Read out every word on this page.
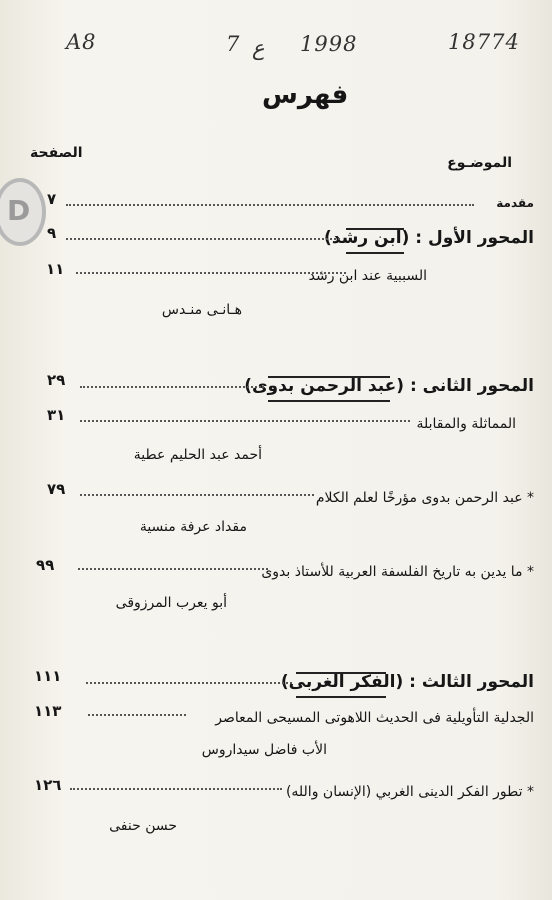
A8	7 ع 1998	18774
D
فهرس
الصفحة
الموضـوع
مقدمة
٧
المحور الأول : (ابن رشد)
٩
السببية عند ابن رشد
١١
هـانـى منـدس
المحور الثانى : (عبد الرحمن بدوى)
٢٩
المماثلة والمقابلة
٣١
أحمد عبد الحليم عطية
* عبد الرحمن بدوى مؤرخًا لعلم الكلام
٧٩
مقداد عرفة منسية
* ما يدين به تاريخ الفلسفة العربية للأستاذ بدوى
٩٩
أبو يعرب المرزوقى
المحور الثالث : (الفكر الغربى)
١١١
الجدلية التأويلية فى الحديث اللاهوتى المسيحى المعاصر
١١٣
الأب فاضل سيداروس
* تطور الفكر الدينى الغربي (الإنسان والله)
١٢٦
حسن حنفى
